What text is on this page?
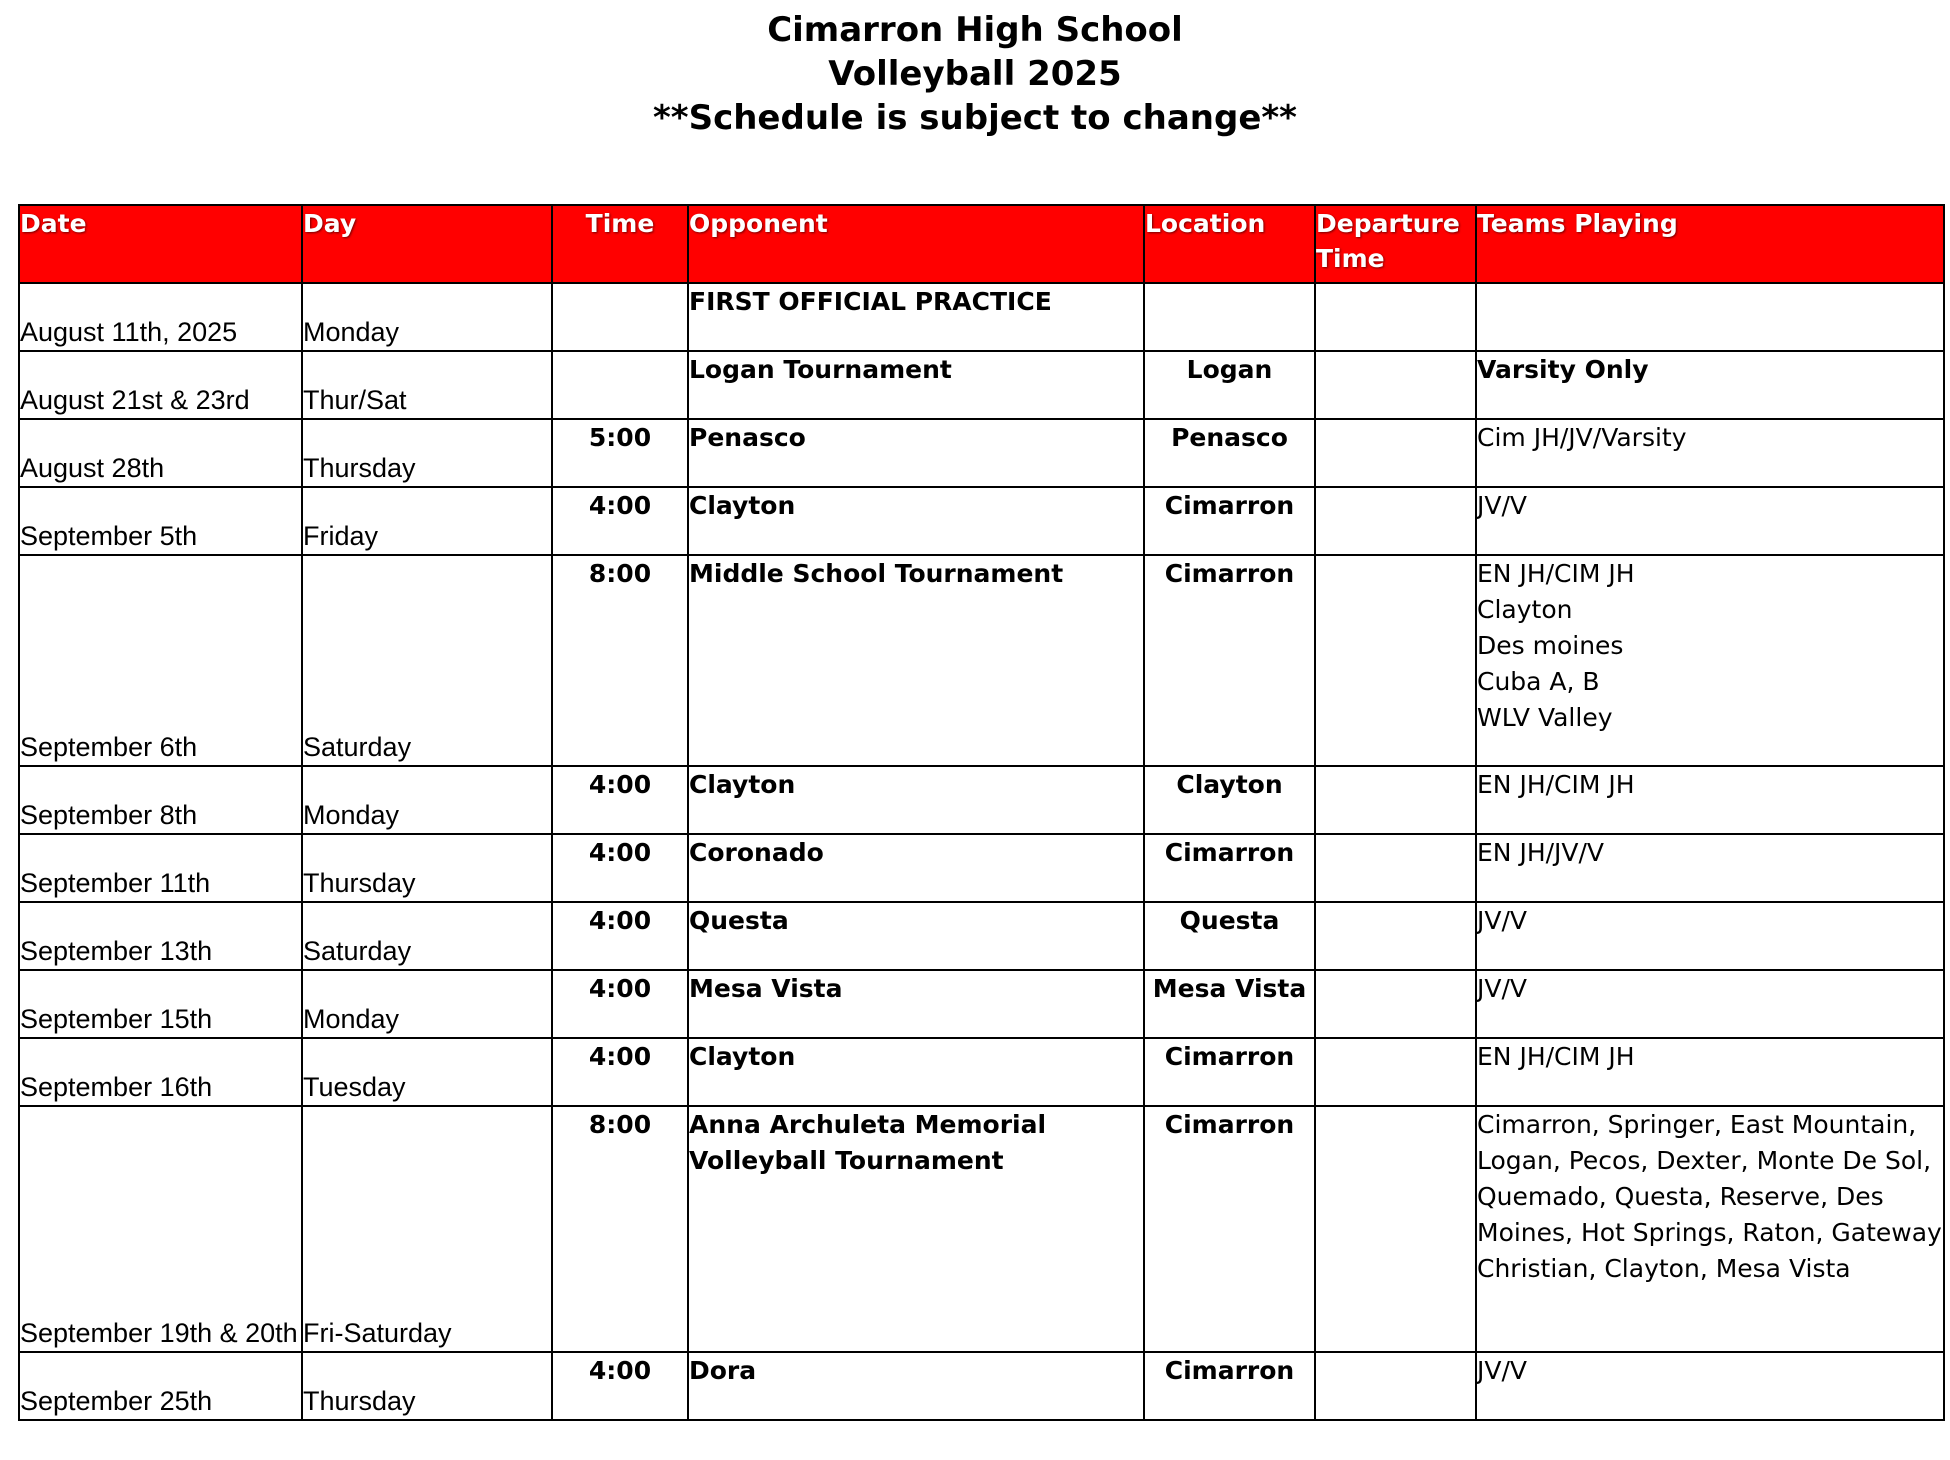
Cimarron High School
Volleyball 2025
**Schedule is subject to change**
Date	Day	Time	Opponent	Location	Departure Time	Teams Playing
August 11th, 2025	Monday		FIRST OFFICIAL PRACTICE			
August 21st & 23rd	Thur/Sat		Logan Tournament	Logan		Varsity Only

August 28th	Thursday	5:00	Penasco	Penasco		Cim JH/JV/Varsity

September 5th	Friday	4:00	Clayton	Cimarron		JV/V

September 6th	Saturday	8:00	Middle School Tournament	Cimarron		EN JH/CIM JH
Clayton
Des moines
Cuba A, B
WLV Valley

September 8th	Monday	4:00	Clayton	Clayton		EN JH/CIM JH

September 11th	Thursday	4:00	Coronado	Cimarron		EN JH/JV/V

September 13th	Saturday	4:00	Questa	Questa		JV/V

September 15th	Monday	4:00	Mesa Vista	Mesa Vista		JV/V

September 16th	Tuesday	4:00	Clayton	Cimarron		EN JH/CIM JH

September 19th & 20th	Fri-Saturday	8:00	Anna Archuleta Memorial Volleyball Tournament	Cimarron		Cimarron, Springer, East Mountain, Logan, Pecos, Dexter, Monte De Sol, Quemado, Questa, Reserve, Des Moines, Hot Springs, Raton, Gateway Christian, Clayton, Mesa Vista

September 25th	Thursday	4:00	Dora	Cimarron		JV/V
